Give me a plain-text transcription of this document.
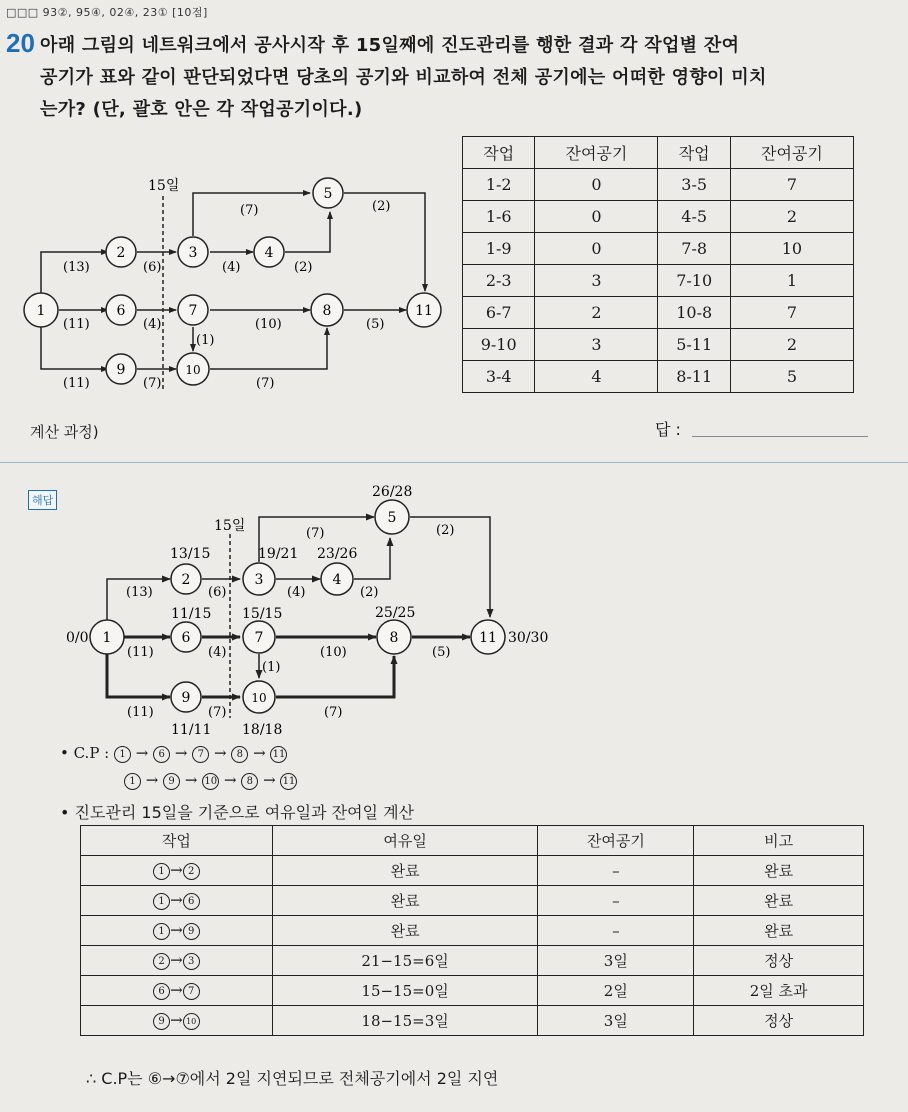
□□□ 93②, 95④, 02④, 23① [10점]
20 아래 그림의 네트워크에서 공사시작 후 15일째에 진도관리를 행한 결과 각 작업별 잔여
공기가 표와 같이 판단되었다면 당초의 공기와 비교하여 전체 공기에는 어떠한 영향이 미치
는가? (단, 괄호 안은 각 작업공기이다.)
15일
1
2	3	4
5
6	7	8
9	10
11
(13)	(6)
(7)
(4)	(2)
(2)
(11)	(4)
(1)
(10)	(5)
(11)	(7)	(7)
작업	잔여공기	작업	잔여공기
1-2	0	3-5	7
1-6	0	4-5	2
1-9	0	7-8	10
2-3	3	7-10	1
6-7	2	10-8	7
9-10	3	5-11	2
3-4	4	8-11	5
계산 과정)	답 :
해답
15일
1
2	3	4
5
6	7	8
9	10
11
(13)	(6)
(7)
(4)	(2)
(2)
(11)	(4)
(1)
(10)	(5)
(11)	(7)	(7)
0/0
13/15	19/21 23/26
26/28
11/15 15/15	25/25
11/11 18/18
30/30
• C.P : 1 → 6 → 7 → 8 → 11
1 → 9 → 10 → 8 → 11
• 진도관리 15일을 기준으로 여유일과 잔여일 계산
작업	여유일	잔여공기	비고
1 → 2	완료	–	완료
1 → 6	완료	–	완료
1 → 9	완료	–	완료
2 → 3	21−15=6일	3일	정상
6 → 7	15−15=0일	2일	2일 초과
9 → 10	18−15=3일	3일	정상
∴ C.P는 ⑥→⑦에서 2일 지연되므로 전체공기에서 2일 지연
